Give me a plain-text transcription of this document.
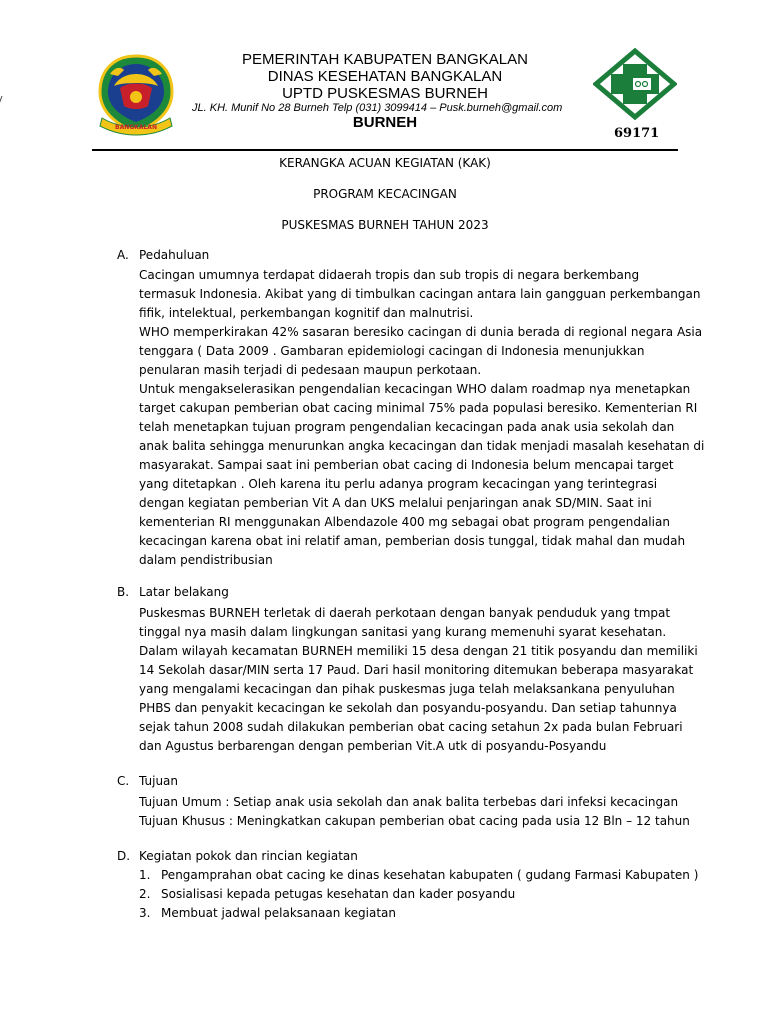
BANGKALAN	69171
PEMERINTAH KABUPATEN BANGKALAN
DINAS KESEHATAN BANGKALAN
UPTD PUSKESMAS BURNEH
JL. KH. Munif No 28 Burneh Telp (031) 3099414 – Pusk.burneh@gmail.com
BURNEH
KERANGKA ACUAN KEGIATAN (KAK)
PROGRAM KECACINGAN
PUSKESMAS BURNEH TAHUN 2023
A. Pedahuluan
Cacingan umumnya terdapat didaerah tropis dan sub tropis di negara berkembang
termasuk Indonesia. Akibat yang di timbulkan cacingan antara lain gangguan perkembangan
fifik, intelektual, perkembangan kognitif dan malnutrisi.
WHO memperkirakan 42% sasaran beresiko cacingan di dunia berada di regional negara Asia
tenggara ( Data 2009 . Gambaran epidemiologi cacingan di Indonesia menunjukkan
penularan masih terjadi di pedesaan maupun perkotaan.
Untuk mengakselerasikan pengendalian kecacingan WHO dalam roadmap nya menetapkan
target cakupan pemberian obat cacing minimal 75% pada populasi beresiko. Kementerian RI
telah menetapkan tujuan program pengendalian kecacingan pada anak usia sekolah dan
anak balita sehingga menurunkan angka kecacingan dan tidak menjadi masalah kesehatan di
masyarakat. Sampai saat ini pemberian obat cacing di Indonesia belum mencapai target
yang ditetapkan . Oleh karena itu perlu adanya program kecacingan yang terintegrasi
dengan kegiatan pemberian Vit A dan UKS melalui penjaringan anak SD/MIN. Saat ini
kementerian RI menggunakan Albendazole 400 mg sebagai obat program pengendalian
kecacingan karena obat ini relatif aman, pemberian dosis tunggal, tidak mahal dan mudah
dalam pendistribusian
B. Latar belakang
Puskesmas BURNEH terletak di daerah perkotaan dengan banyak penduduk yang tmpat
tinggal nya masih dalam lingkungan sanitasi yang kurang memenuhi syarat kesehatan.
Dalam wilayah kecamatan BURNEH memiliki 15 desa dengan 21 titik posyandu dan memiliki
14 Sekolah dasar/MIN serta 17 Paud. Dari hasil monitoring ditemukan beberapa masyarakat
yang mengalami kecacingan dan pihak puskesmas juga telah melaksankana penyuluhan
PHBS dan penyakit kecacingan ke sekolah dan posyandu-posyandu. Dan setiap tahunnya
sejak tahun 2008 sudah dilakukan pemberian obat cacing setahun 2x pada bulan Februari
dan Agustus berbarengan dengan pemberian Vit.A utk di posyandu-Posyandu
C. Tujuan
Tujuan Umum : Setiap anak usia sekolah dan anak balita terbebas dari infeksi kecacingan
Tujuan Khusus : Meningkatkan cakupan pemberian obat cacing pada usia 12 Bln – 12 tahun
D. Kegiatan pokok dan rincian kegiatan
1. Pengamprahan obat cacing ke dinas kesehatan kabupaten ( gudang Farmasi Kabupaten )
2. Sosialisasi kepada petugas kesehatan dan kader posyandu
3. Membuat jadwal pelaksanaan kegiatan
